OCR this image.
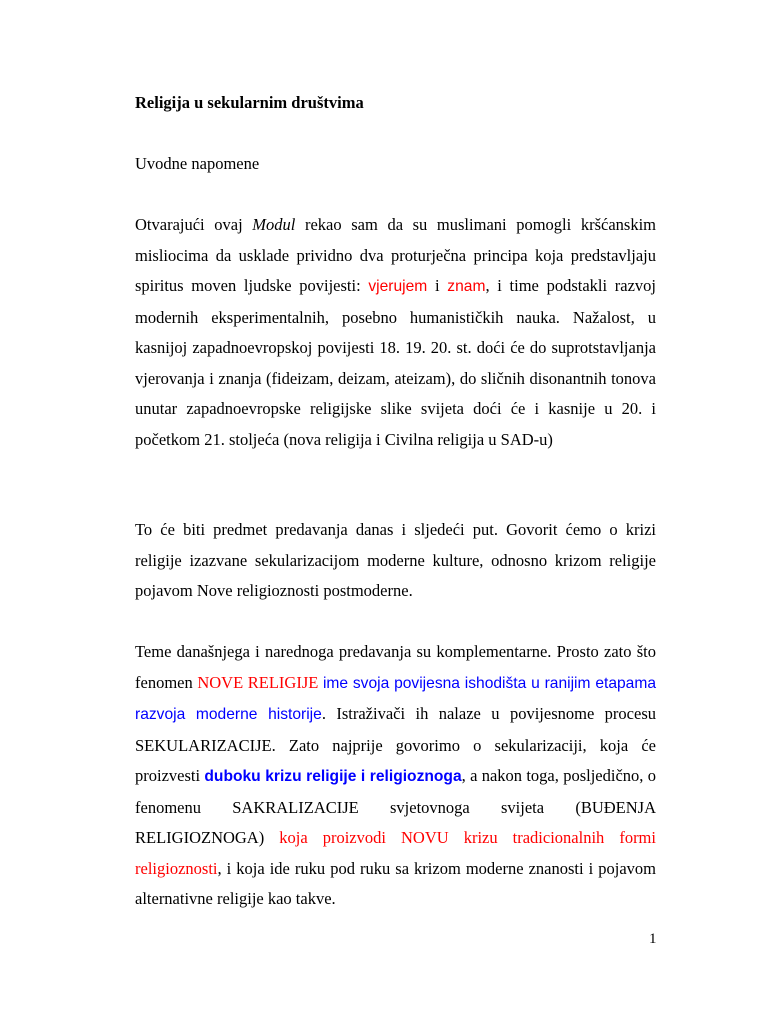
Religija u sekularnim društvima
Uvodne napomene

Otvarajući ovaj Modul rekao sam da su muslimani pomogli kršćanskim misliocima da usklade prividno dva proturječna principa koja predstavljaju spiritus moven ljudske povijesti: vjerujem i znam, i time podstakli razvoj modernih eksperimentalnih, posebno humanističkih nauka. Nažalost, u kasnijoj zapadnoevropskoj povijesti 18. 19. 20. st. doći će do suprotstavljanja vjerovanja i znanja (fideizam, deizam, ateizam), do sličnih disonantnih tonova unutar zapadnoevropske religijske slike svijeta doći će i kasnije u 20. i početkom 21. stoljeća (nova religija i Civilna religija u SAD-u)

To će biti predmet predavanja danas i sljedeći put. Govorit ćemo o krizi religije izazvane sekularizacijom moderne kulture, odnosno krizom religije pojavom Nove religioznosti postmoderne.

Teme današnjega i narednoga predavanja su komplementarne. Prosto zato što fenomen NOVE RELIGIJE ime svoja povijesna ishodišta u ranijim etapama razvoja moderne historije. Istraživači ih nalaze u povijesnome procesu SEKULARIZACIJE. Zato najprije govorimo o sekularizaciji, koja će proizvesti duboku krizu religije i religioznoga, a nakon toga, posljedično, o fenomenu SAKRALIZACIJE svjetovnoga svijeta (BUĐENJA RELIGIOZNOGA) koja proizvodi NOVU krizu tradicionalnih formi religioznosti, i koja ide ruku pod ruku sa krizom moderne znanosti i pojavom alternativne religije kao takve.

1
